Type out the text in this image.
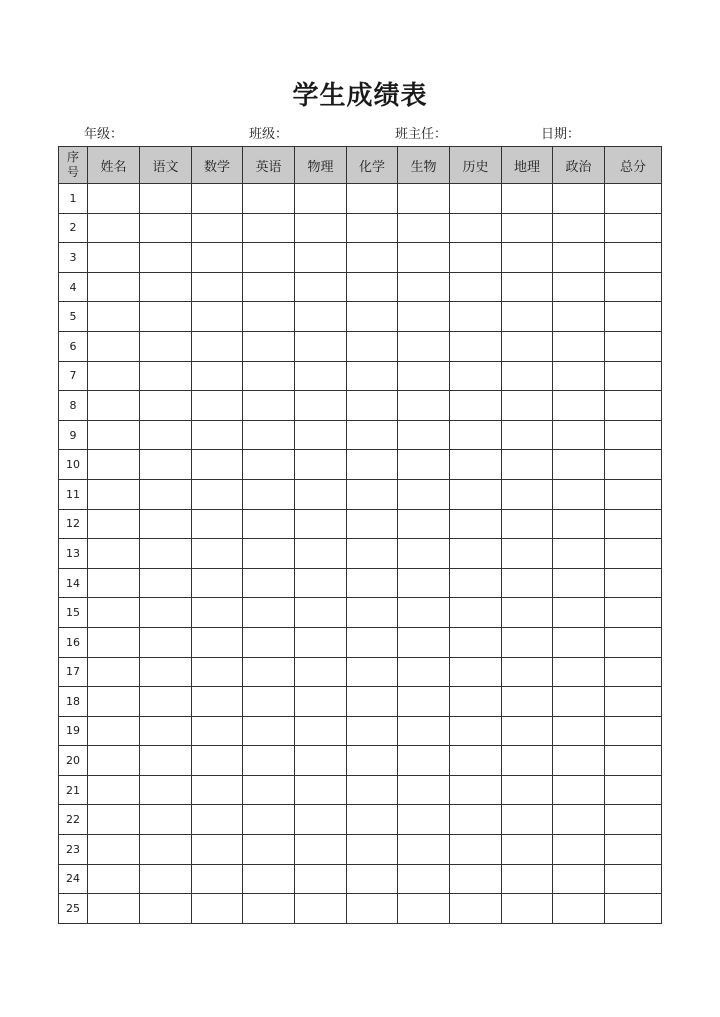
学生成绩表
年级：	班级：	班主任：	日期：
序
号	姓名	语文	数学	英语	物理	化学	生物	历史	地理	政治	总分
1											
2											
3											
4											
5											
6											
7											
8											
9											
10											
11											
12											
13											
14											
15											
16											
17											
18											
19											
20											
21											
22											
23											
24											
25											
